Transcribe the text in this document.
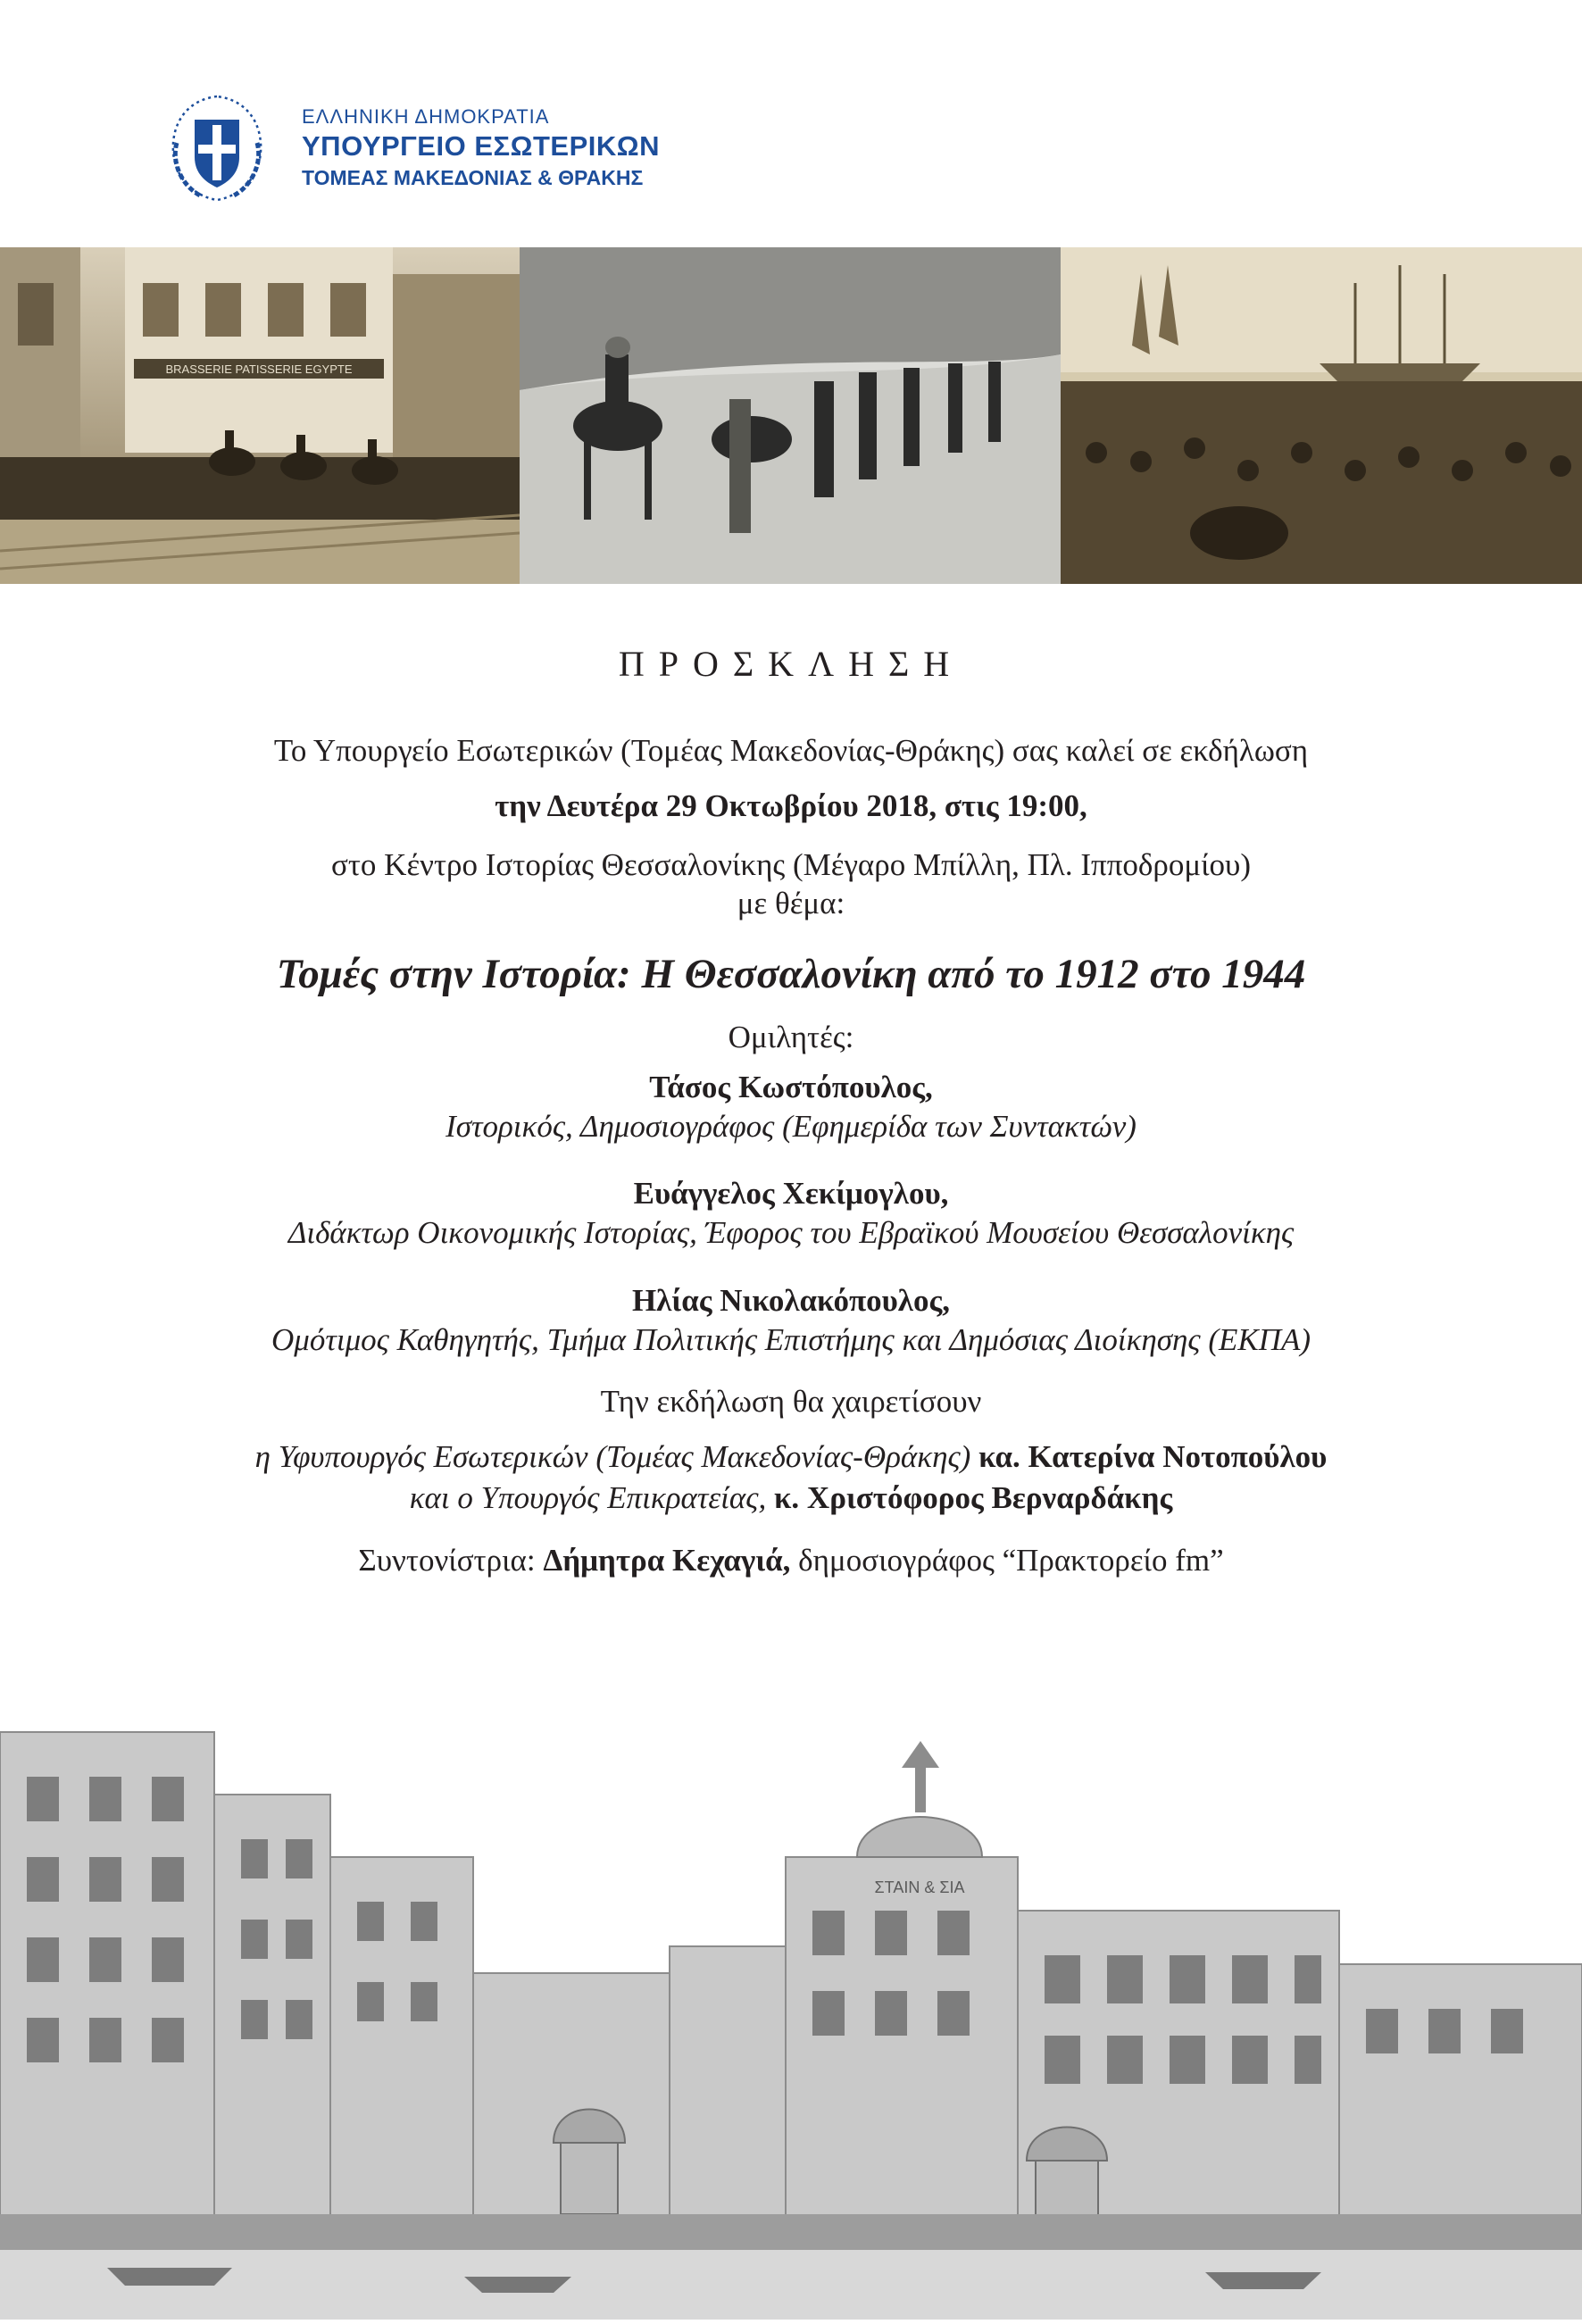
ΕΛΛΗΝΙΚΗ ΔΗΜΟΚΡΑΤΙΑ
ΥΠΟΥΡΓΕΙΟ ΕΣΩΤΕΡΙΚΩΝ
ΤΟΜΕΑΣ ΜΑΚΕΔΟΝΙΑΣ & ΘΡΑΚΗΣ
BRASSERIE PATISSERIE EGYPTE
ΠΡΟΣΚΛΗΣΗ
Το Υπουργείο Εσωτερικών (Τομέας Μακεδονίας-Θράκης) σας καλεί σε εκδήλωση
την Δευτέρα 29 Οκτωβρίου 2018, στις 19:00,
στο Κέντρο Ιστορίας Θεσσαλονίκης (Μέγαρο Μπίλλη, Πλ. Ιπποδρομίου)
με θέμα:
Τομές στην Ιστορία: Η Θεσσαλονίκη από το 1912 στο 1944
Ομιλητές:
Τάσος Κωστόπουλος,
Ιστορικός, Δημοσιογράφος (Εφημερίδα των Συντακτών)
Ευάγγελος Χεκίμογλου,
Διδάκτωρ Οικονομικής Ιστορίας, Έφορος του Εβραϊκού Μουσείου Θεσσαλονίκης
Ηλίας Νικολακόπουλος,
Ομότιμος Καθηγητής, Τμήμα Πολιτικής Επιστήμης και Δημόσιας Διοίκησης (ΕΚΠΑ)
Την εκδήλωση θα χαιρετίσουν
η Υφυπουργός Εσωτερικών (Τομέας Μακεδονίας-Θράκης) κα. Κατερίνα Νοτοπούλου
και ο Υπουργός Επικρατείας, κ. Χριστόφορος Βερναρδάκης
Συντονίστρια: Δήμητρα Κεχαγιά, δημοσιογράφος “Πρακτορείο fm”
ΣΤΑΙΝ & ΣΙΑ
